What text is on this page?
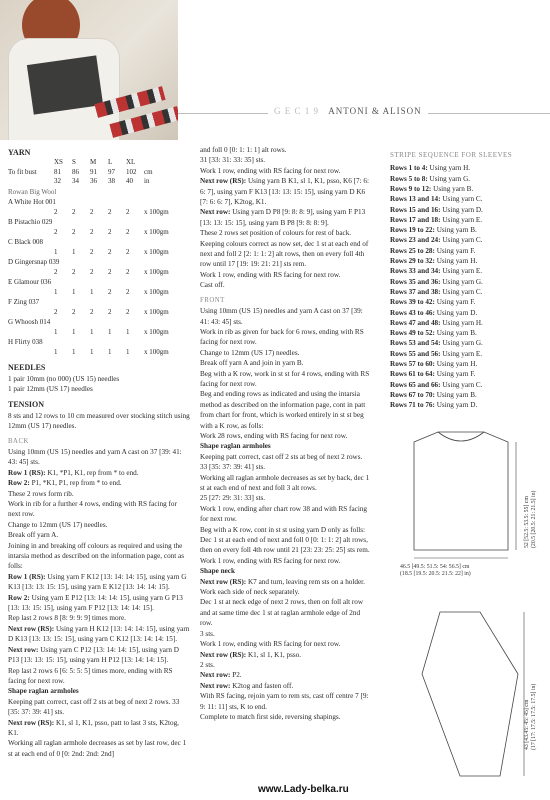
G E C 1 9 ANTONI & ALISON

YARN

XS	S	M	L	XL
To fit bust	81	86	91	97	102	cm
32	34	36	38	40	in

Rowan Big Wool

A White Hot 001

2	2	2	2	2	x 100gm

B Pistachio 029

2	2	2	2	2	x 100gm

C Black 008

1	1	2	2	2	x 100gm

D Gingersnap 039

2	2	2	2	2	x 100gm

E Glamour 036

1	1	1	2	2	x 100gm

F Zing 037

2	2	2	2	2	x 100gm

G Whoosh 014

1	1	1	1	1	x 100gm

H Flirty 038

1	1	1	1	1	x 100gm

NEEDLES

1 pair 10mm (no 000) (US 15) needles

1 pair 12mm (US 17) needles

TENSION

8 sts and 12 rows to 10 cm measured over stocking stitch using 12mm (US 17) needles.

BACK

Using 10mm (US 15) needles and yarn A cast on 37 [39: 41: 43: 45] sts.

Row 1 (RS): K1, *P1, K1, rep from * to end.

Row 2: P1, *K1, P1, rep from * to end.

These 2 rows form rib.

Work in rib for a further 4 rows, ending with RS facing for next row.

Change to 12mm (US 17) needles.

Break off yarn A.

Joining in and breaking off colours as required and using the intarsia method as described on the information page, cont as folls:

Row 1 (RS): Using yarn F K12 [13: 14: 14: 15], using yarn G K13 [13: 13: 15: 15], using yarn E K12 [13: 14: 14: 15].

Row 2: Using yarn E P12 [13: 14: 14: 15], using yarn G P13 [13: 13: 15: 15], using yarn F P12 [13: 14: 14: 15].

Rep last 2 rows 8 [8: 9: 9: 9] times more.

Next row (RS): Using yarn H K12 [13: 14: 14: 15], using yarn D K13 [13: 13: 15: 15], using yarn C K12 [13: 14: 14: 15].

Next row: Using yarn C P12 [13: 14: 14: 15], using yarn D P13 [13: 13: 15: 15], using yarn H P12 [13: 14: 14: 15].

Rep last 2 rows 6 [6: 5: 5: 5] times more, ending with RS facing for next row.

Shape raglan armholes

Keeping patt correct, cast off 2 sts at beg of next 2 rows. 33 [35: 37: 39: 41] sts.

Next row (RS): K1, sl 1, K1, psso, patt to last 3 sts, K2tog, K1.

Working all raglan armhole decreases as set by last row, dec 1 st at each end of 0 [0: 2nd: 2nd: 2nd]

and foll 0 [0: 1: 1: 1] alt rows.

31 [33: 31: 33: 35] sts.

Work 1 row, ending with RS facing for next row.

Next row (RS): Using yarn B K1, sl 1, K1, psso, K6 [7: 6: 6: 7], using yarn F K13 [13: 13: 15: 15], using yarn D K6 [7: 6: 6: 7], K2tog, K1.

Next row: Using yarn D P8 [9: 8: 8: 9], using yarn F P13 [13: 13: 15: 15], using yarn B P8 [9: 8: 8: 9].

These 2 rows set position of colours for rest of back.

Keeping colours correct as now set, dec 1 st at each end of next and foll 2 [2: 1: 1: 2] alt rows, then on every foll 4th row until 17 [19: 19: 21: 21] sts rem.

Work 1 row, ending with RS facing for next row.

Cast off.

FRONT

Using 10mm (US 15) needles and yarn A cast on 37 [39: 41: 43: 45] sts.

Work in rib as given for back for 6 rows, ending with RS facing for next row.

Change to 12mm (US 17) needles.

Break off yarn A and join in yarn B.

Beg with a K row, work in st st for 4 rows, ending with RS facing for next row.

Beg and ending rows as indicated and using the intarsia method as described on the information page, cont in patt from chart for front, which is worked entirely in st st beg with a K row, as folls:

Work 28 rows, ending with RS facing for next row.

Shape raglan armholes

Keeping patt correct, cast off 2 sts at beg of next 2 rows.

33 [35: 37: 39: 41] sts.

Working all raglan armhole decreases as set by back, dec 1 st at each end of next and foll 3 alt rows.

25 [27: 29: 31: 33] sts.

Work 1 row, ending after chart row 38 and with RS facing for next row.

Beg with a K row, cont in st st using yarn D only as folls:

Dec 1 st at each end of next and foll 0 [0: 1: 1: 2] alt rows, then on every foll 4th row until 21 [23: 23: 25: 25] sts rem.

Work 1 row, ending with RS facing for next row.

Shape neck

Next row (RS): K7 and turn, leaving rem sts on a holder.

Work each side of neck separately.

Dec 1 st at neck edge of next 2 rows, then on foll alt row and at same time dec 1 st at raglan armhole edge of 2nd row.

3 sts.

Work 1 row, ending with RS facing for next row.

Next row (RS): K1, sl 1, K1, psso.

2 sts.

Next row: P2.

Next row: K2tog and fasten off.

With RS facing, rejoin yarn to rem sts, cast off centre 7 [9: 9: 11: 11] sts, K to end.

Complete to match first side, reversing shapings.

STRIPE SEQUENCE FOR SLEEVES

Rows 1 to 4: Using yarn H.
Rows 5 to 8: Using yarn G.
Rows 9 to 12: Using yarn B.
Rows 13 and 14: Using yarn C.
Rows 15 and 16: Using yarn D.
Rows 17 and 18: Using yarn E.
Rows 19 to 22: Using yarn B.
Rows 23 and 24: Using yarn C.
Rows 25 to 28: Using yarn F.
Rows 29 to 32: Using yarn H.
Rows 33 and 34: Using yarn E.
Rows 35 and 36: Using yarn G.
Rows 37 and 38: Using yarn C.
Rows 39 to 42: Using yarn F.
Rows 43 to 46: Using yarn D.
Rows 47 and 48: Using yarn H.
Rows 49 to 52: Using yarn B.
Rows 53 and 54: Using yarn G.
Rows 55 and 56: Using yarn E.
Rows 57 to 60: Using yarn H.
Rows 61 to 64: Using yarn F.
Rows 65 and 66: Using yarn C.
Rows 67 to 70: Using yarn B.
Rows 71 to 76: Using yarn D.
46.5 [49.5: 51.5: 54: 56.5] cm
(18.5 [19.5: 20.5: 21.5: 22] in)
52 [52.5: 53.5: 55] cm (20.5 [20.5: 21: 21.5] in)
43 [43.45: 45: 45] cm (17 [17: 17.5: 17.5: 17.5] in)
www.Lady-belka.ru
